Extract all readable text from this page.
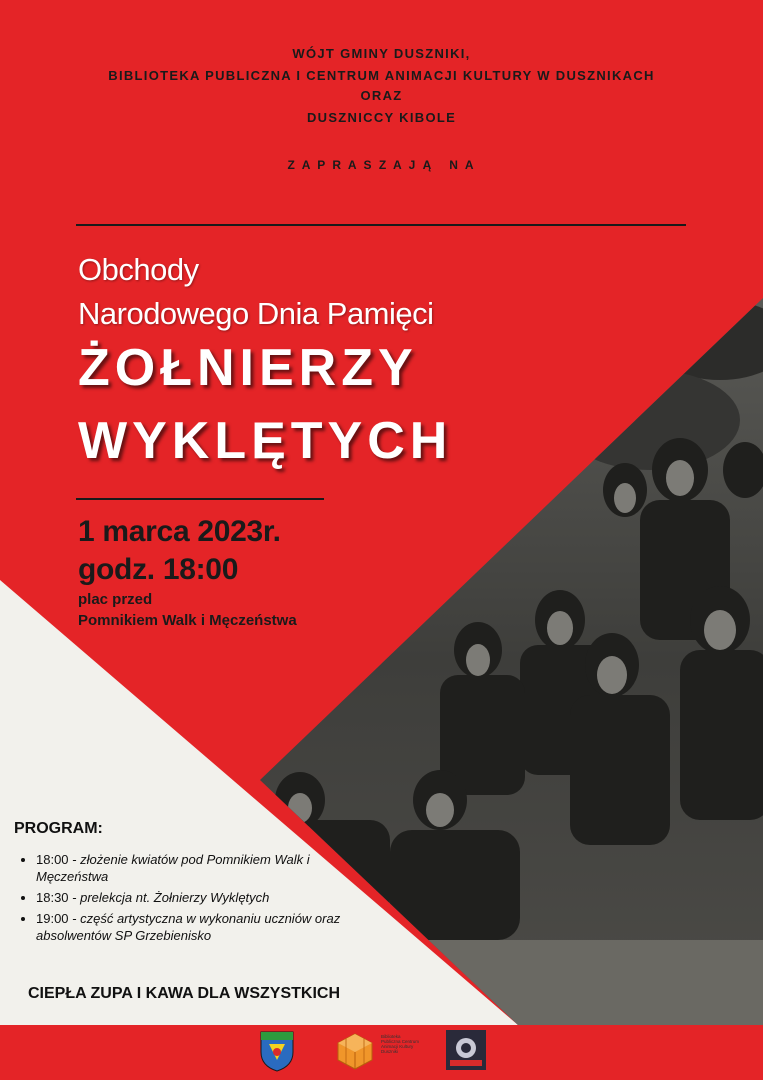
WÓJT GMINY DUSZNIKI,
BIBLIOTEKA PUBLICZNA I CENTRUM ANIMACJI KULTURY W DUSZNIKACH
ORAZ
DUSZNICCY KIBOLE
Z A P R A S Z A J Ą   N A
Obchody
Narodowego Dnia Pamięci
ŻOŁNIERZY
WYKLĘTYCH
1 marca 2023r.
godz. 18:00
plac przed
Pomnikiem Walk i Męczeństwa
PROGRAM:
• 18:00 - złożenie kwiatów pod Pomnikiem Walk i Męczeństwa
• 18:30 - prelekcja nt. Żołnierzy Wyklętych
• 19:00 - część artystyczna w wykonaniu uczniów oraz absolwentów SP Grzebienisko
CIEPŁA ZUPA I KAWA DLA WSZYSTKICH
Biblioteka Publiczna Centrum Animacji Kultury Duszniki
